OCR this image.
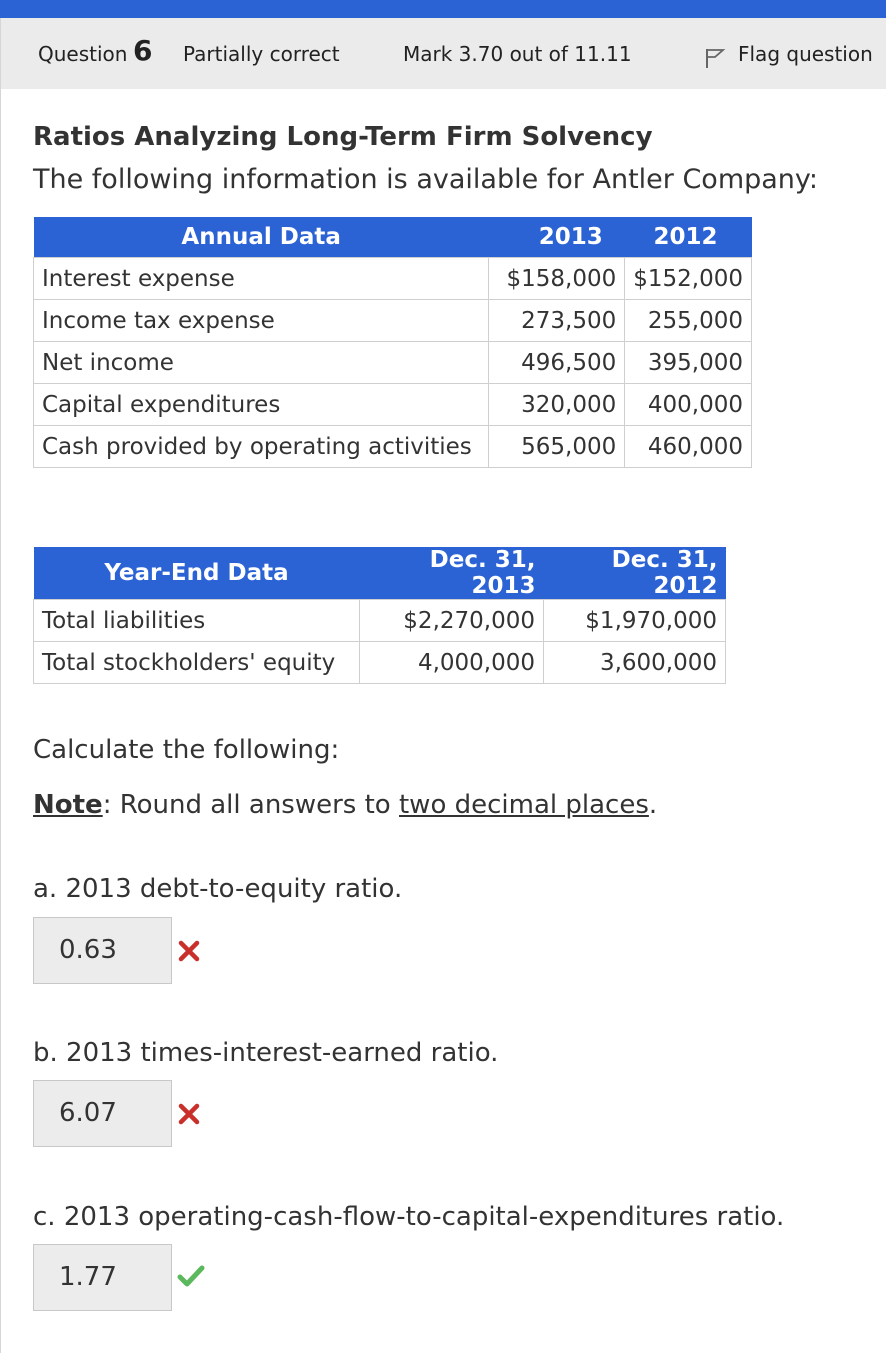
Question 6 Partially correct	Mark 3.70 out of 11.11	Flag question
Ratios Analyzing Long-Term Firm Solvency
The following information is available for Antler Company:
Annual Data	2013	2012
Interest expense	$158,000	$152,000
Income tax expense	273,500	255,000
Net income	496,500	395,000
Capital expenditures	320,000	400,000
Cash provided by operating activities	565,000	460,000
Year-End Data	Dec. 31, 2013	Dec. 31, 2012
Total liabilities	$2,270,000	$1,970,000
Total stockholders' equity	4,000,000	3,600,000
Calculate the following:
Note: Round all answers to two decimal places.
a. 2013 debt-to-equity ratio.
0.63
b. 2013 times-interest-earned ratio.
6.07
c. 2013 operating-cash-flow-to-capital-expenditures ratio.
1.77
